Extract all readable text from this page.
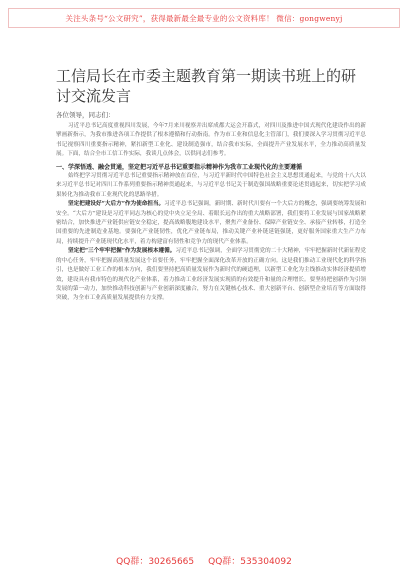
关注头条号“公文研究”，获得最新最全最专业的公文资料库！ 微信：gongwenyj
工信局长在市委主题教育第一期读书班上的研讨交流发言
各位领导，同志们：

习近平总书记高度重视四川发展，今年7月来川视察并出席成都大运会开幕式，对四川及推进中国式现代化建设作出的新擘画新指示，为我市推进各项工作提供了根本遵循和行动指南。作为市工业和信息化主管部门，我们要深入学习贯彻习近平总书记视察四川重要指示精神，紧扣新型工业化、建设制造强市，结合我市实际，全面提升产业发展水平，全力推动高质量发展。下面，结合全市工信工作实际，我谈几点体会，以供同志们参考。

一、学深悟透、融会贯通，坚定把习近平总书记重要指示精神作为我市工业现代化的主要遵循

始终把学习贯彻习近平总书记重要指示精神放在首位，与习近平新时代中国特色社会主义思想贯通起来，与党的十八大以来习近平总书记对四川工作系列重要指示精神贯通起来，与习近平总书记关于制造强国战略重要论述贯通起来，切实把学习成果转化为推动我市工业现代化的思路举措。

坚定把建设好“大后方”作为使命担当。习近平总书记强调，新时期、新时代川要有一个大后方的概念，强调要统筹发展和安全。“大后方”建设是习近平同志为核心的党中央立足全局、着眼长远作出的重大战略部署，我们要将工业发展与国家战略紧密结合，加快推进产业链供应链安全稳定，提高战略腹地建设水平，聚焦产业备份、保障产业链安全、承接产业转移，打造全国重要的先进制造业基地。要强化产业链韧性，优化产业链布局，推动关键产业补链延链强链，更好服务国家重大生产力布局，持续提升产业链现代化水平，着力构建富有韧性和竞争力的现代产业体系。

坚定把“三个牢牢把握”作为发展根本遵循。习近平总书记强调，全面学习贯彻党的二十大精神，牢牢把握新时代新征程党的中心任务，牢牢把握高质量发展这个首要任务，牢牢把握全面深化改革开放的正确方向。这是我们推动工业现代化的科学指引，也是做好工业工作的根本方向，我们要坚持把高质量发展作为新时代的硬道理，以新型工业化为主线推动实体经济提质增效，建设具有我市特色的现代化产业体系，着力推动工业经济发展实现质的有效提升和量的合理增长。要坚持把创新作为引领发展的第一动力，加快推动科技创新与产业创新深度融合，努力在关键核心技术、重大创新平台、创新型企业培育等方面取得突破，为全市工业高质量发展提供有力支撑。

QQ群：30265665 QQ群：535304092
